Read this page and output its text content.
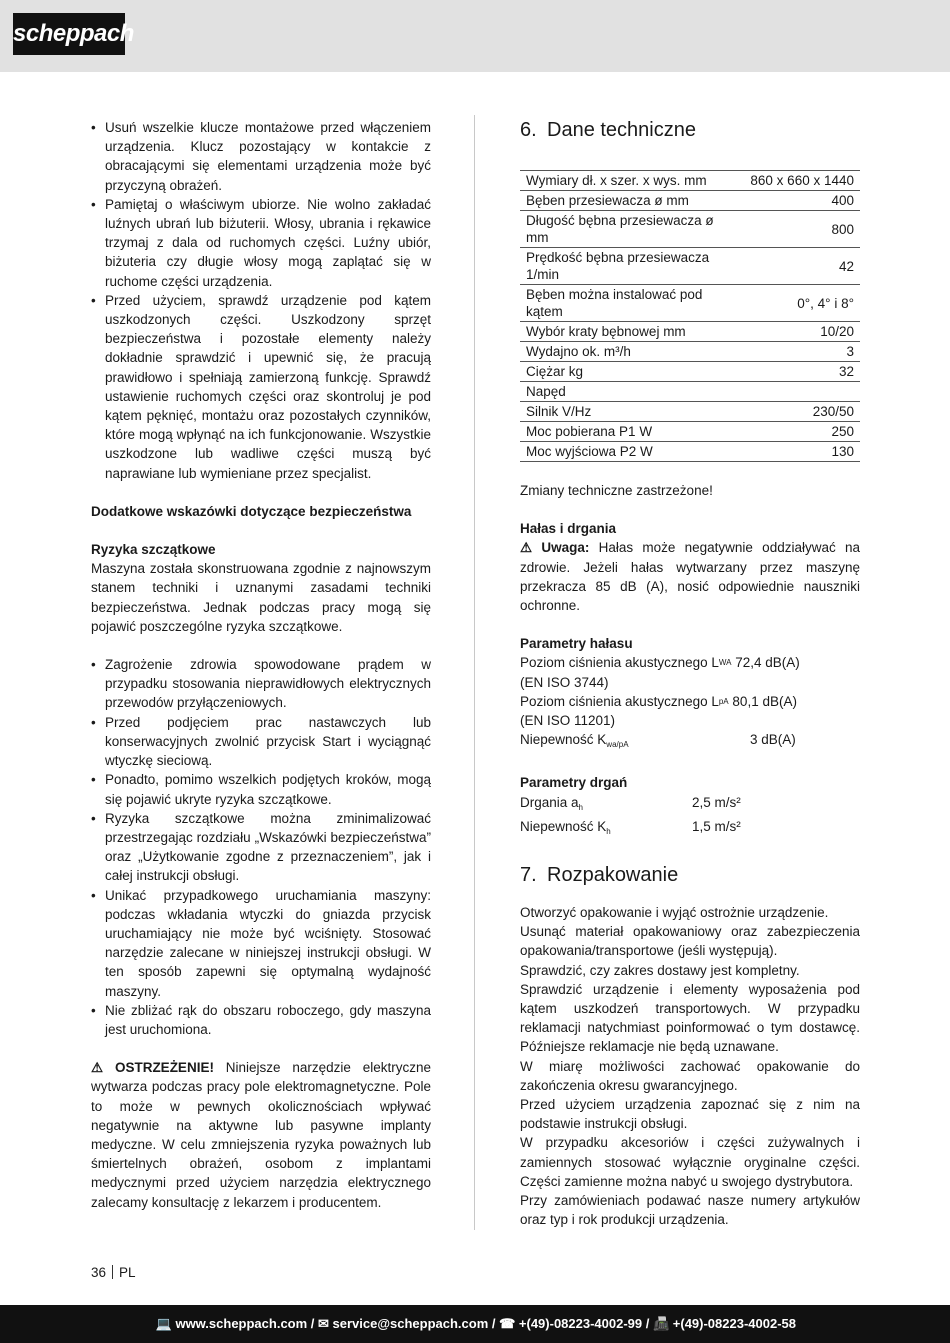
scheppach
• Usuń wszelkie klucze montażowe przed włączeniem urządzenia. Klucz pozostający w kontakcie z obracającymi się elementami urządzenia może być przyczyną obrażeń.
• Pamiętaj o właściwym ubiorze. Nie wolno zakładać luźnych ubrań lub biżuterii. Włosy, ubrania i rękawice trzymaj z dala od ruchomych części. Luźny ubiór, biżuteria czy długie włosy mogą zaplątać się w ruchome części urządzenia.
• Przed użyciem, sprawdź urządzenie pod kątem uszkodzonych części. Uszkodzony sprzęt bezpieczeństwa i pozostałe elementy należy dokładnie sprawdzić i upewnić się, że pracują prawidłowo i spełniają zamierzoną funkcję. Sprawdź ustawienie ruchomych części oraz skontroluj je pod kątem pęknięć, montażu oraz pozostałych czynników, które mogą wpłynąć na ich funkcjonowanie. Wszystkie uszkodzone lub wadliwe części muszą być naprawiane lub wymieniane przez specjalist.

Dodatkowe wskazówki dotyczące bezpieczeństwa

Ryzyka szczątkowe

Maszyna została skonstruowana zgodnie z najnowszym stanem techniki i uznanymi zasadami techniki bezpieczeństwa. Jednak podczas pracy mogą się pojawić poszczególne ryzyka szczątkowe.

• Zagrożenie zdrowia spowodowane prądem w przypadku stosowania nieprawidłowych elektrycznych przewodów przyłączeniowych.
• Przed podjęciem prac nastawczych lub konserwacyjnych zwolnić przycisk Start i wyciągnąć wtyczkę sieciową.
• Ponadto, pomimo wszelkich podjętych kroków, mogą się pojawić ukryte ryzyka szczątkowe.
• Ryzyka szczątkowe można zminimalizować przestrzegając rozdziału „Wskazówki bezpieczeństwa” oraz „Użytkowanie zgodne z przeznaczeniem”, jak i całej instrukcji obsługi.
• Unikać przypadkowego uruchamiania maszyny: podczas wkładania wtyczki do gniazda przycisk uruchamiający nie może być wciśnięty. Stosować narzędzie zalecane w niniejszej instrukcji obsługi. W ten sposób zapewni się optymalną wydajność maszyny.
• Nie zbliżać rąk do obszaru roboczego, gdy maszyna jest uruchomiona.

⚠ OSTRZEŻENIE! Niniejsze narzędzie elektryczne wytwarza podczas pracy pole elektromagnetyczne. Pole to może w pewnych okolicznościach wpływać negatywnie na aktywne lub pasywne implanty medyczne. W celu zmniejszenia ryzyka poważnych lub śmiertelnych obrażeń, osobom z implantami medycznymi przed użyciem narzędzia elektrycznego zalecamy konsultację z lekarzem i producentem.

6. Dane techniczne
Wymiary dł. x szer. x wys. mm	860 x 660 x 1440
Bęben przesiewacza ø mm	400
Długość bębna przesiewacza ø mm	800
Prędkość bębna przesiewacza 1/min	42
Bęben można instalować pod kątem	0°, 4° i 8°
Wybór kraty bębnowej mm	10/20
Wydajno ok. m³/h	3
Ciężar kg	32
Napęd	
Silnik V/Hz	230/50
Moc pobierana P1 W	250
Moc wyjściowa P2 W	130

Zmiany techniczne zastrzeżone!

Hałas i drgania

⚠ Uwaga: Hałas może negatywnie oddziaływać na zdrowie. Jeżeli hałas wytwarzany przez maszynę przekracza 85 dB (A), nosić odpowiednie nauszniki ochronne.

Parametry hałasu

Poziom ciśnienia akustycznego L WA
72,4 dB(A)
(EN ISO 3744)
Poziom ciśnienia akustycznego L pA
80,1 dB(A)
(EN ISO 11201)
Niepewność $K_{wa/pA}$	3 dB(A)

Parametry drgań

Drgania $a_h$	2,5 m/s²
Niepewność $K_h$	1,5 m/s²
7. Rozpakowanie

Otworzyć opakowanie i wyjąć ostrożnie urządzenie.

Usunąć materiał opakowaniowy oraz zabezpieczenia opakowania/transportowe (jeśli występują).

Sprawdzić, czy zakres dostawy jest kompletny.

Sprawdzić urządzenie i elementy wyposażenia pod kątem uszkodzeń transportowych. W przypadku reklamacji natychmiast poinformować o tym dostawcę. Późniejsze reklamacje nie będą uznawane.

W miarę możliwości zachować opakowanie do zakończenia okresu gwarancyjnego.

Przed użyciem urządzenia zapoznać się z nim na podstawie instrukcji obsługi.

W przypadku akcesoriów i części zużywalnych i zamiennych stosować wyłącznie oryginalne części. Części zamienne można nabyć u swojego dystrybutora.

Przy zamówieniach podawać nasze numery artykułów oraz typ i rok produkcji urządzenia.

36 PL
💻 www.scheppach.com / ✉ service@scheppach.com / ☎ +(49)-08223-4002-99 / 📠 +(49)-08223-4002-58
